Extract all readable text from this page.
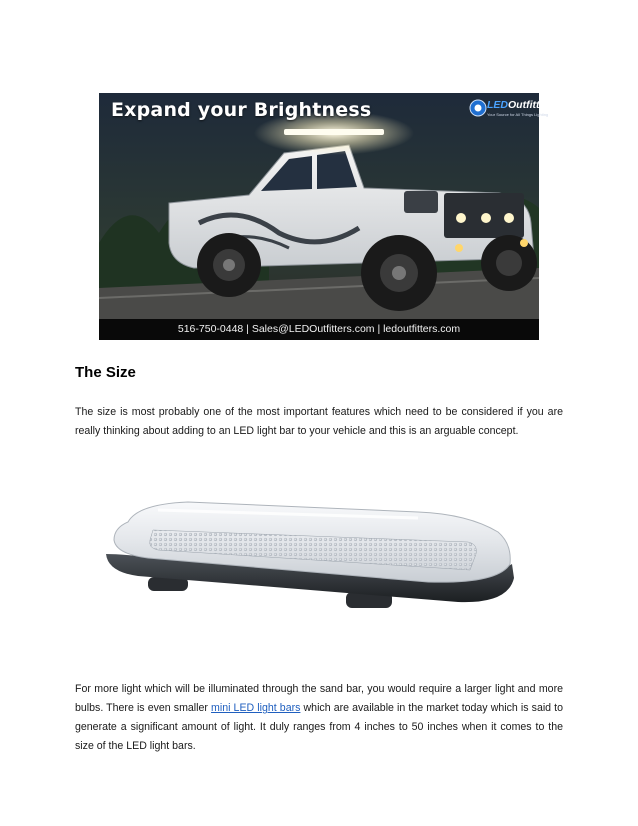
Expand your Brightness	LEDOutfitters
Your Source for All Things Lighting
516-750-0448 | Sales@LEDOutfitters.com | ledoutfitters.com
The Size

The size is most probably one of the most important features which need to be considered if you are really thinking about adding to an LED light bar to your vehicle and this is an arguable concept.

For more light which will be illuminated through the sand bar, you would require a larger light and more bulbs. There is even smaller mini LED light bars which are available in the market today which is said to generate a significant amount of light. It duly ranges from 4 inches to 50 inches when it comes to the size of the LED light bars.
